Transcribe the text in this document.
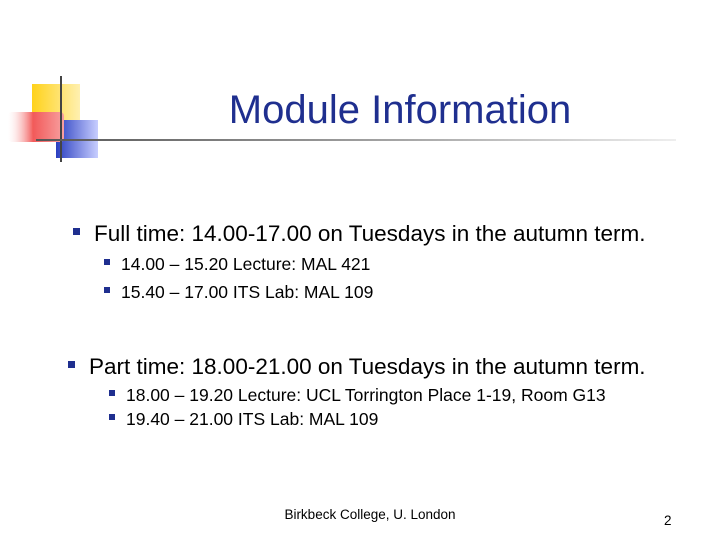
Module Information
Full time: 14.00-17.00 on Tuesdays in the autumn term.
14.00 – 15.20 Lecture: MAL 421
15.40 – 17.00 ITS Lab: MAL 109
Part time: 18.00-21.00 on Tuesdays in the autumn term.
18.00 – 19.20 Lecture: UCL Torrington Place 1-19, Room G13
19.40 – 21.00 ITS Lab: MAL 109
Birkbeck College, U. London	2
